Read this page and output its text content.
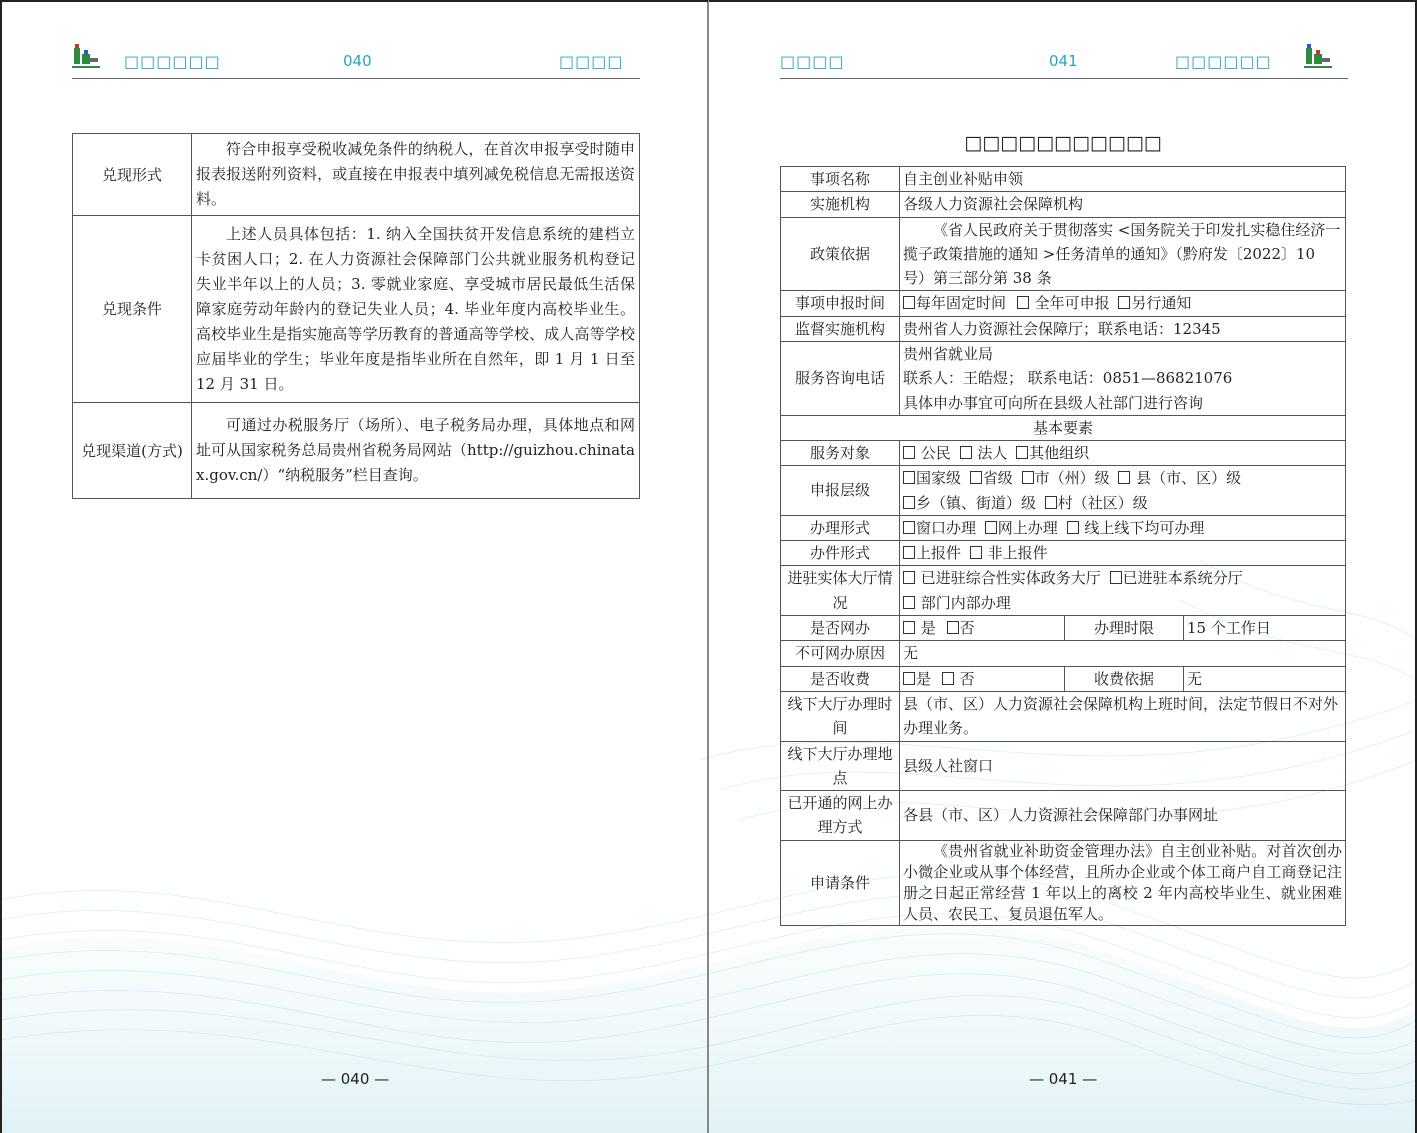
□□□□□□	040	□□□□
兑现形式	符合申报享受税收减免条件的纳税人，在首次申报享受时随申报表报送附列资料，或直接在申报表中填列减免税信息无需报送资料。
兑现条件	上述人员具体包括：1. 纳入全国扶贫开发信息系统的建档立卡贫困人口；2. 在人力资源社会保障部门公共就业服务机构登记失业半年以上的人员；3. 零就业家庭、享受城市居民最低生活保障家庭劳动年龄内的登记失业人员；4. 毕业年度内高校毕业生。高校毕业生是指实施高等学历教育的普通高等学校、成人高等学校应届毕业的学生；毕业年度是指毕业所在自然年，即 1 月 1 日至 12 月 31 日。
兑现渠道(方式)	可通过办税服务厅（场所）、电子税务局办理，具体地点和网址可从国家税务总局贵州省税务局网站（http://guizhou.chinatax.gov.cn/）“纳税服务”栏目查询。
— 040 —
□□□□	041	□□□□□□
□□□□□□□□□□□
事项名称	自主创业补贴申领		
实施机构	各级人力资源社会保障机构		
政策依据	《省人民政府关于贯彻落实 <国务院关于印发扎实稳住经济一揽子政策措施的通知 >任务清单的通知》（黔府发〔2022〕10 号）第三部分第 38 条		
事项申报时间	每年固定时间 全年可申报 另行通知		
监督实施机构	贵州省人力资源社会保障厅；联系电话：12345		
服务咨询电话	贵州省就业局
联系人：王皓煜； 联系电话：0851—86821076
具体申办事宜可向所在县级人社部门进行咨询		

基本要素			
服务对象	公民 法人 其他组织		
申报层级	国家级 省级 市（州）级 县（市、区）级
乡（镇、街道）级 村（社区）级		

办理形式	窗口办理 网上办理 线上线下均可办理		
办件形式	上报件 非上报件		
进驻实体大厅情况	已进驻综合性实体政务大厅 已进驻本系统分厅
部门内部办理		

是否网办	是 否	办理时限	15 个工作日
不可网办原因	无		
是否收费	是 否	收费依据	无
线下大厅办理时间	县（市、区）人力资源社会保障机构上班时间，法定节假日不对外办理业务。		
线下大厅办理地点	县级人社窗口		
已开通的网上办理方式	各县（市、区）人力资源社会保障部门办事网址		
申请条件	《贵州省就业补助资金管理办法》自主创业补贴。对首次创办小微企业或从事个体经营，且所办企业或个体工商户自工商登记注册之日起正常经营 1 年以上的离校 2 年内高校毕业生、就业困难人员、农民工、复员退伍军人。		
— 041 —
